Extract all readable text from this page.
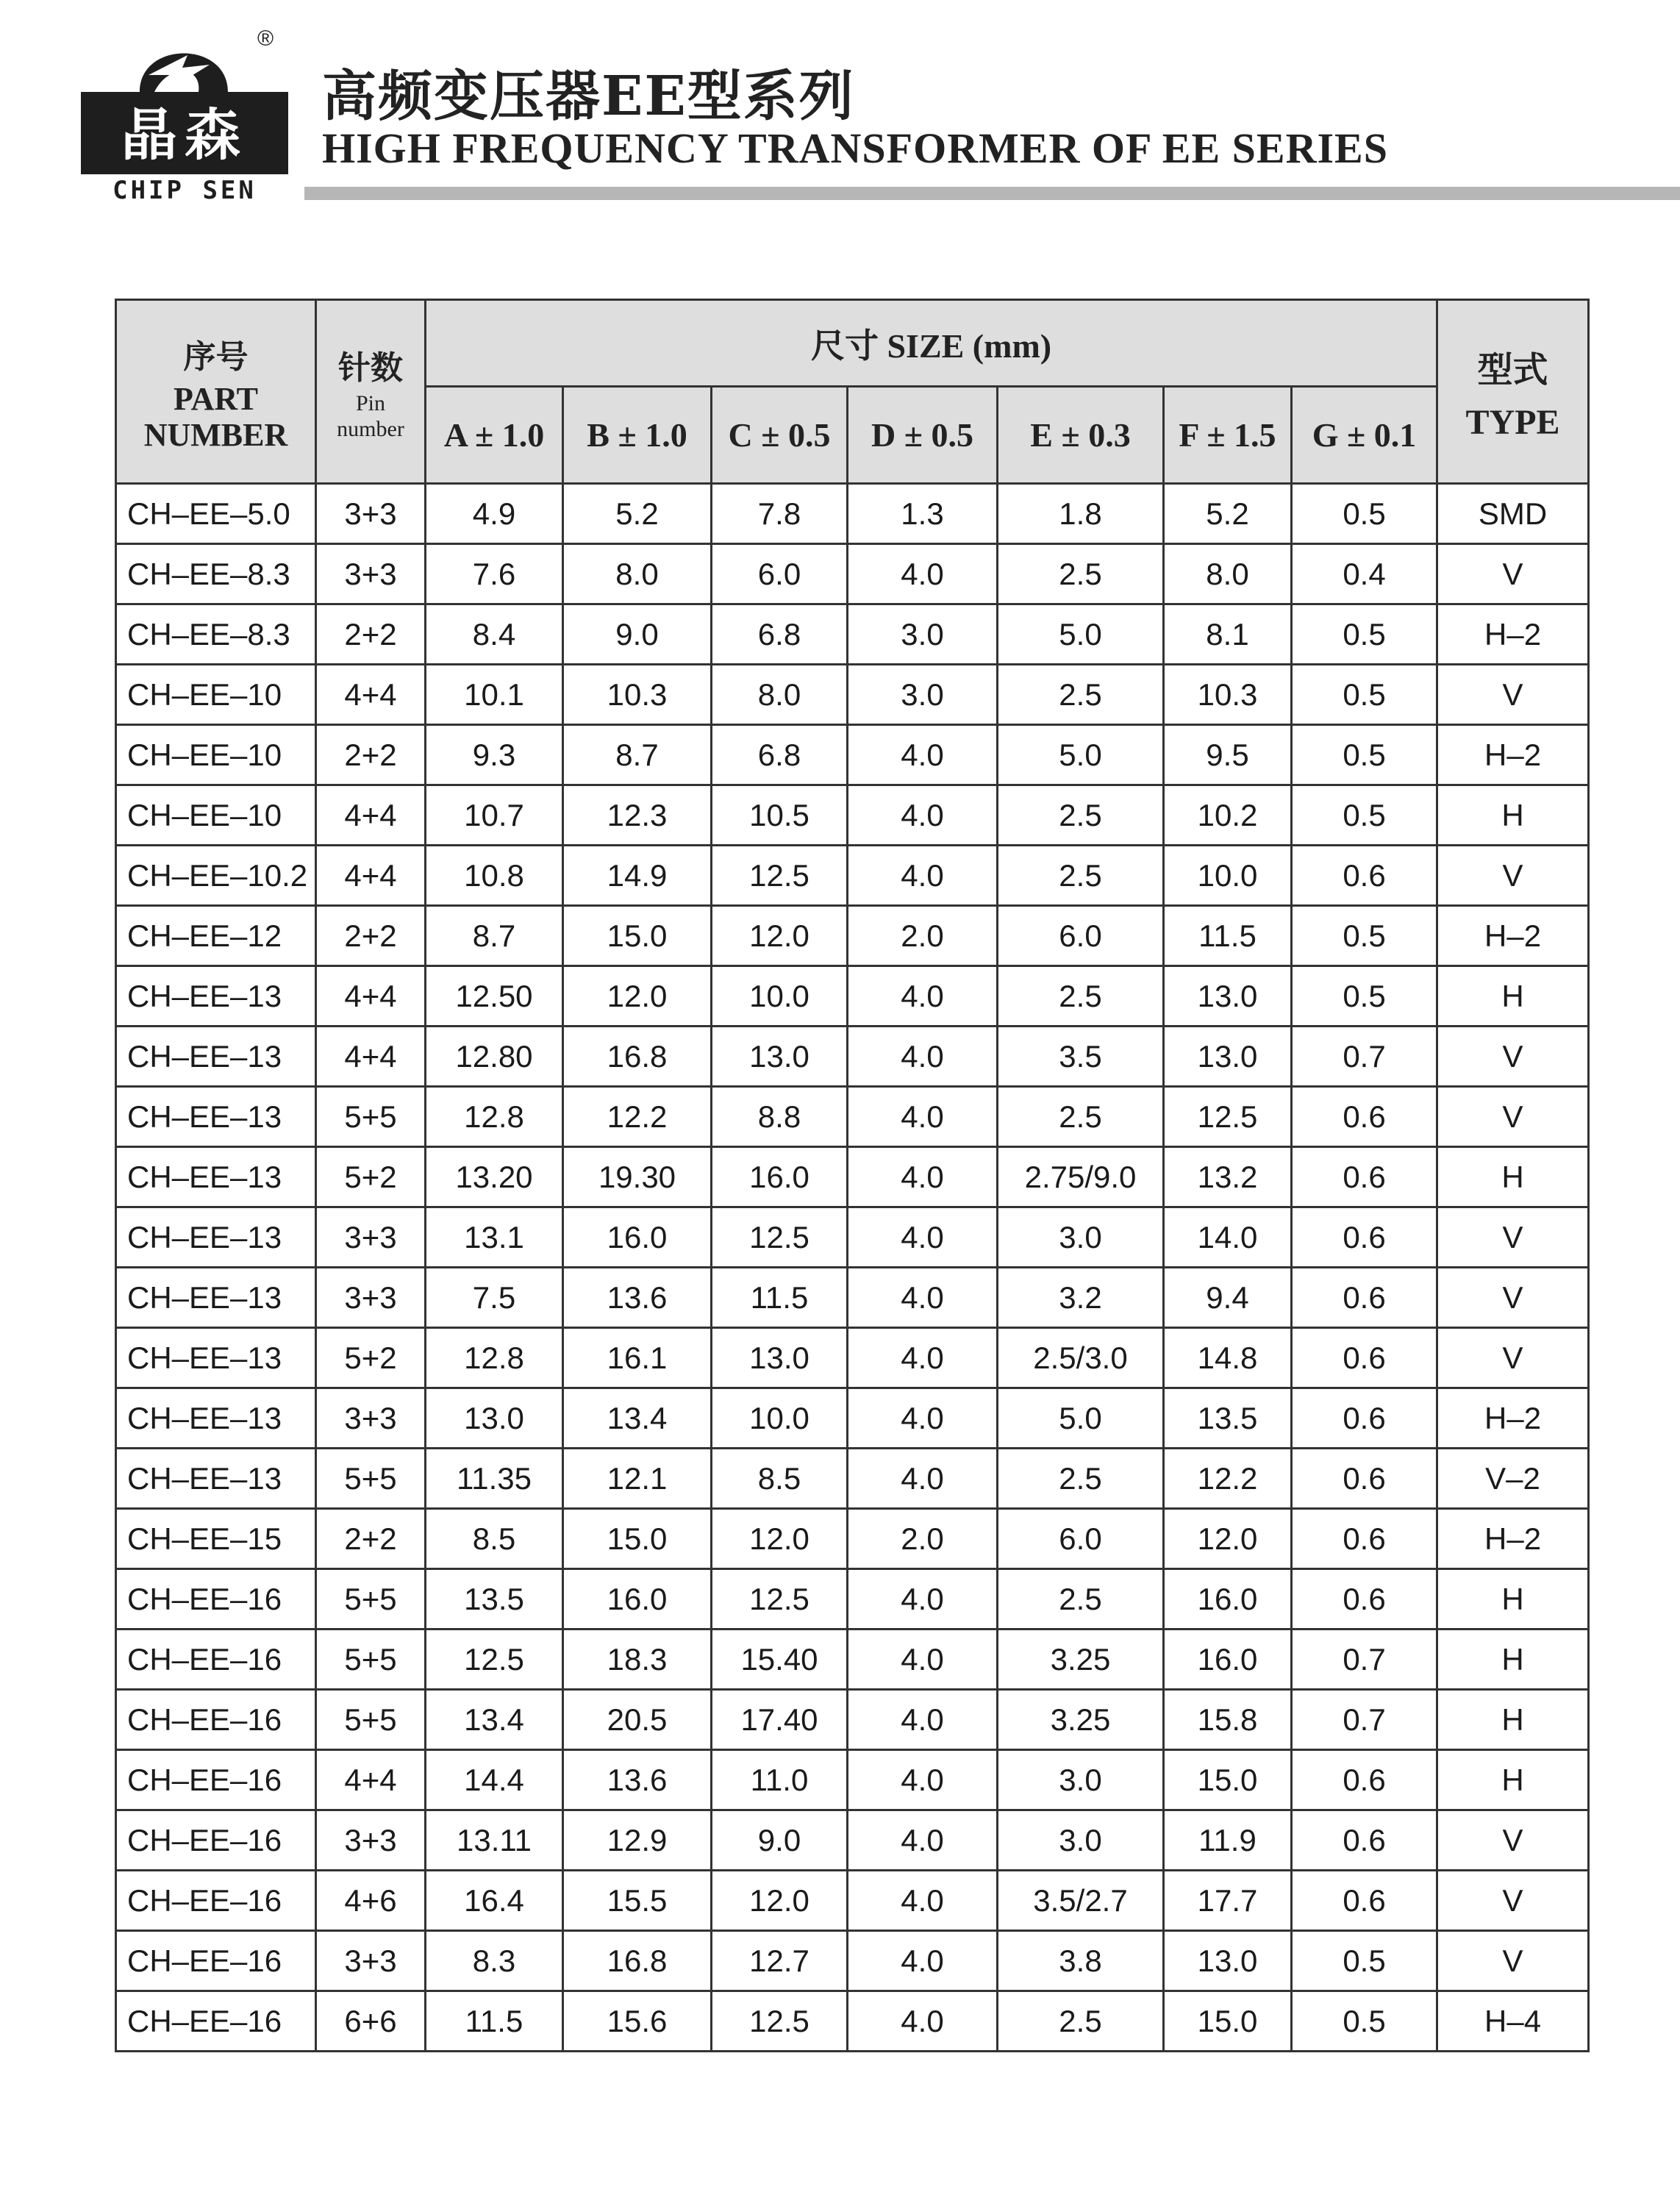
晶森
CHIP SEN
®
高频变压器EE型系列
HIGH FREQUENCY TRANSFORMER OF EE SERIES
序号
PART NUMBER	针数
Pin
number	尺寸 SIZE (mm)							型式
TYPE

		A ± 1.0	B ± 1.0	C ± 0.5	D ± 0.5	E ± 0.3	F ± 1.5	G ± 0.1	
CH–EE–5.0	3+3	4.9	5.2	7.8	1.3	1.8	5.2	0.5	SMD
CH–EE–8.3	3+3	7.6	8.0	6.0	4.0	2.5	8.0	0.4	V
CH–EE–8.3	2+2	8.4	9.0	6.8	3.0	5.0	8.1	0.5	H–2
CH–EE–10	4+4	10.1	10.3	8.0	3.0	2.5	10.3	0.5	V
CH–EE–10	2+2	9.3	8.7	6.8	4.0	5.0	9.5	0.5	H–2
CH–EE–10	4+4	10.7	12.3	10.5	4.0	2.5	10.2	0.5	H
CH–EE–10.2	4+4	10.8	14.9	12.5	4.0	2.5	10.0	0.6	V
CH–EE–12	2+2	8.7	15.0	12.0	2.0	6.0	11.5	0.5	H–2
CH–EE–13	4+4	12.50	12.0	10.0	4.0	2.5	13.0	0.5	H
CH–EE–13	4+4	12.80	16.8	13.0	4.0	3.5	13.0	0.7	V
CH–EE–13	5+5	12.8	12.2	8.8	4.0	2.5	12.5	0.6	V
CH–EE–13	5+2	13.20	19.30	16.0	4.0	2.75/9.0	13.2	0.6	H
CH–EE–13	3+3	13.1	16.0	12.5	4.0	3.0	14.0	0.6	V
CH–EE–13	3+3	7.5	13.6	11.5	4.0	3.2	9.4	0.6	V
CH–EE–13	5+2	12.8	16.1	13.0	4.0	2.5/3.0	14.8	0.6	V
CH–EE–13	3+3	13.0	13.4	10.0	4.0	5.0	13.5	0.6	H–2
CH–EE–13	5+5	11.35	12.1	8.5	4.0	2.5	12.2	0.6	V–2
CH–EE–15	2+2	8.5	15.0	12.0	2.0	6.0	12.0	0.6	H–2
CH–EE–16	5+5	13.5	16.0	12.5	4.0	2.5	16.0	0.6	H
CH–EE–16	5+5	12.5	18.3	15.40	4.0	3.25	16.0	0.7	H
CH–EE–16	5+5	13.4	20.5	17.40	4.0	3.25	15.8	0.7	H
CH–EE–16	4+4	14.4	13.6	11.0	4.0	3.0	15.0	0.6	H
CH–EE–16	3+3	13.11	12.9	9.0	4.0	3.0	11.9	0.6	V
CH–EE–16	4+6	16.4	15.5	12.0	4.0	3.5/2.7	17.7	0.6	V
CH–EE–16	3+3	8.3	16.8	12.7	4.0	3.8	13.0	0.5	V
CH–EE–16	6+6	11.5	15.6	12.5	4.0	2.5	15.0	0.5	H–4
